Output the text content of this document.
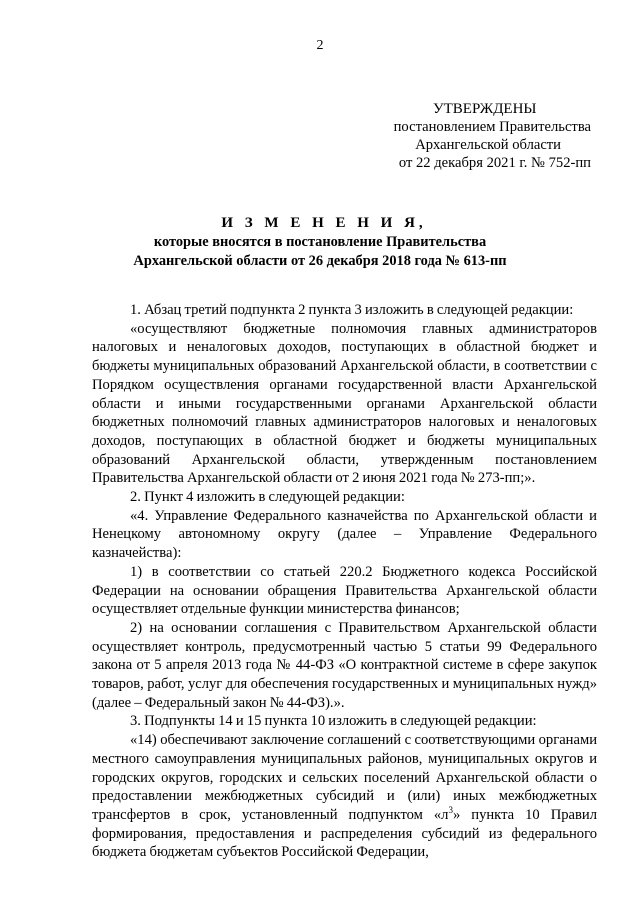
2
УТВЕРЖДЕНЫ
постановлением Правительства
Архангельской области
от 22 декабря 2021 г. № 752-пп
И З М Е Н Е Н И Я,
которые вносятся в постановление Правительства
Архангельской области от 26 декабря 2018 года № 613-пп

1. Абзац третий подпункта 2 пункта 3 изложить в следующей редакции:

«осуществляют бюджетные полномочия главных администраторов налоговых и неналоговых доходов, поступающих в областной бюджет и бюджеты муниципальных образований Архангельской области, в соответствии с Порядком осуществления органами государственной власти Архангельской области и иными государственными органами Архангельской области бюджетных полномочий главных администраторов налоговых и неналоговых доходов, поступающих в областной бюджет и бюджеты муниципальных образований Архангельской области, утвержденным постановлением Правительства Архангельской области от 2 июня 2021 года № 273-пп;».

2. Пункт 4 изложить в следующей редакции:

«4. Управление Федерального казначейства по Архангельской области и Ненецкому автономному округу (далее – Управление Федерального казначейства):

1) в соответствии со статьей 220.2 Бюджетного кодекса Российской Федерации на основании обращения Правительства Архангельской области осуществляет отдельные функции министерства финансов;

2) на основании соглашения с Правительством Архангельской области осуществляет контроль, предусмотренный частью 5 статьи 99 Федерального закона от 5 апреля 2013 года № 44-ФЗ «О контрактной системе в сфере закупок товаров, работ, услуг для обеспечения государственных и муниципальных нужд» (далее – Федеральный закон № 44-ФЗ).».

3. Подпункты 14 и 15 пункта 10 изложить в следующей редакции:

«14) обеспечивают заключение соглашений с соответствующими органами местного самоуправления муниципальных районов, муниципальных округов и городских округов, городских и сельских поселений Архангельской области о предоставлении межбюджетных субсидий и (или) иных межбюджетных трансфертов в срок, установленный подпунктом «$л^3$» пункта 10 Правил формирования, предоставления и распределения субсидий из федерального бюджета бюджетам субъектов Российской Федерации,
